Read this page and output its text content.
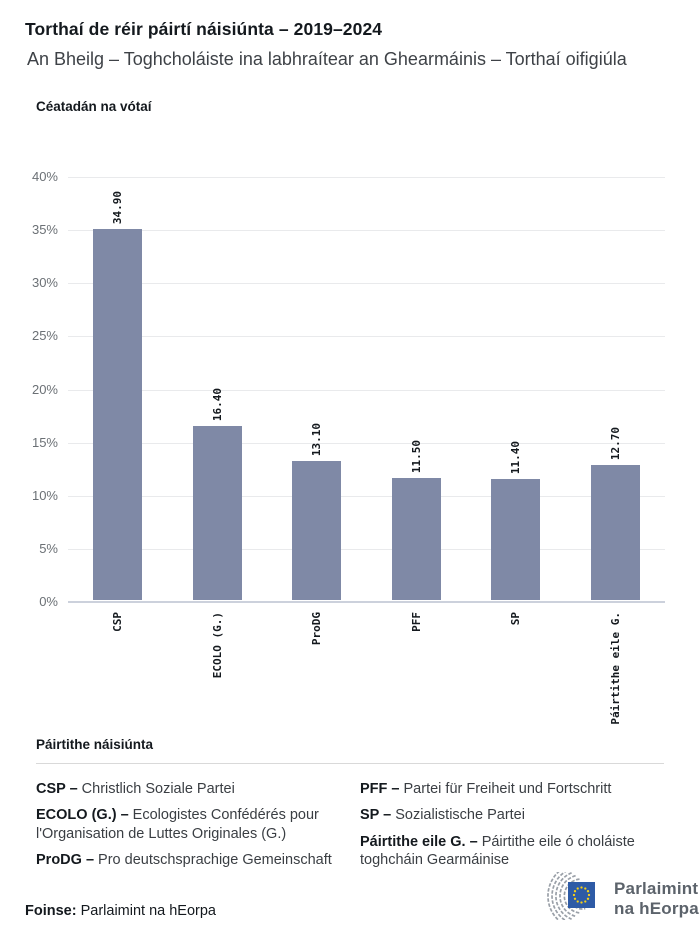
Torthaí de réir páirtí náisiúnta – 2019–2024
An Bheilg – Toghcholáiste ina labhraítear an Ghearmáinis – Torthaí oifigiúla
Céatadán na vótaí
0%
5%
10%
15%
20%
25%
30%
35%
40%
34.90
CSP
16.40
ECOLO (G.)
13.10
ProDG
11.50
PFF
11.40
SP
12.70
Páirtithe eile G.
Páirtithe náisiúnta
CSP – Christlich Soziale Partei
ECOLO (G.) – Ecologistes Confédérés pour l'Organisation de Luttes Originales (G.)
ProDG – Pro deutschsprachige Gemeinschaft
PFF – Partei für Freiheit und Fortschritt
SP – Sozialistische Partei
Páirtithe eile G. – Páirtithe eile ó choláiste toghcháin Gearmáinise
Foinse: Parlaimint na hEorpa
Parlaimint
na hEorpa
